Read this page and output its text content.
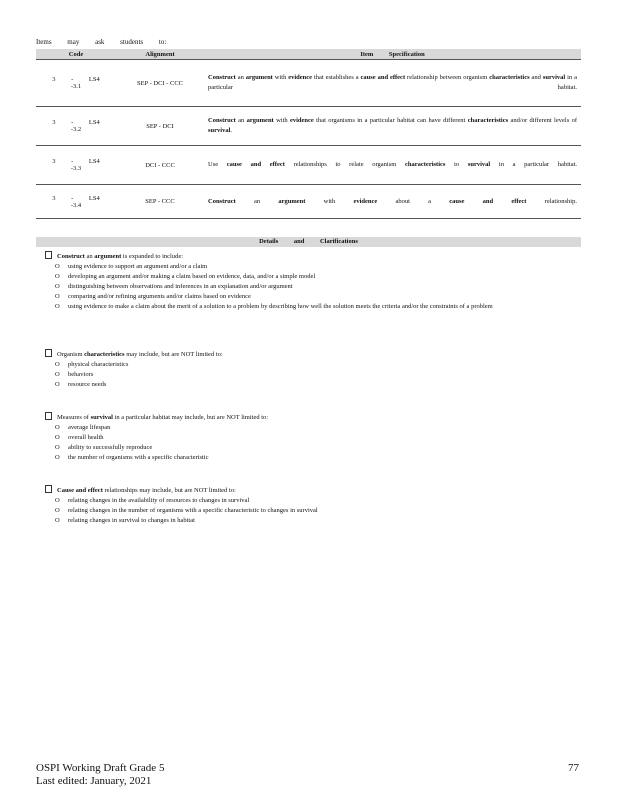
Items may ask students to:
Code	Alignment	Item Specification
3 - LS4 -3.1	SEP - DCI - CCC	Construct an argument with evidence that establishes a cause and effect relationship between organism characteristics and survival in a particular habitat.
3 - LS4 -3.2	SEP - DCI	Construct an argument with evidence that organisms in a particular habitat can have different characteristics and/or different levels of survival.
3 - LS4 -3.3	DCI - CCC	Use cause and effect relationships to relate organism characteristics to survival in a particular habitat.
3 - LS4 -3.4	SEP - CCC	Construct an argument with evidence about a cause and effect relationship.
Details and Clarifications
Construct an argument is expanded to include:
O using evidence to support an argument and/or a claim
O developing an argument and/or making a claim based on evidence, data, and/or a simple model
O distinguishing between observations and inferences in an explanation and/or argument
O comparing and/or refining arguments and/or claims based on evidence
O using evidence to make a claim about the merit of a solution to a problem by describing how well the solution meets the criteria and/or the constraints of a problem
Organism characteristics may include, but are NOT limited to:
O physical characteristics
O behaviors
O resource needs
Measures of survival in a particular habitat may include, but are NOT limited to:
O average lifespan
O overall health
O ability to successfully reproduce
O the number of organisms with a specific characteristic
Cause and effect relationships may include, but are NOT limited to:
O relating changes in the availability of resources to changes in survival
O relating changes in the number of organisms with a specific characteristic to changes in survival
O relating changes in survival to changes in habitat
OSPI Working Draft Grade 5
Last edited: January, 2021
77
